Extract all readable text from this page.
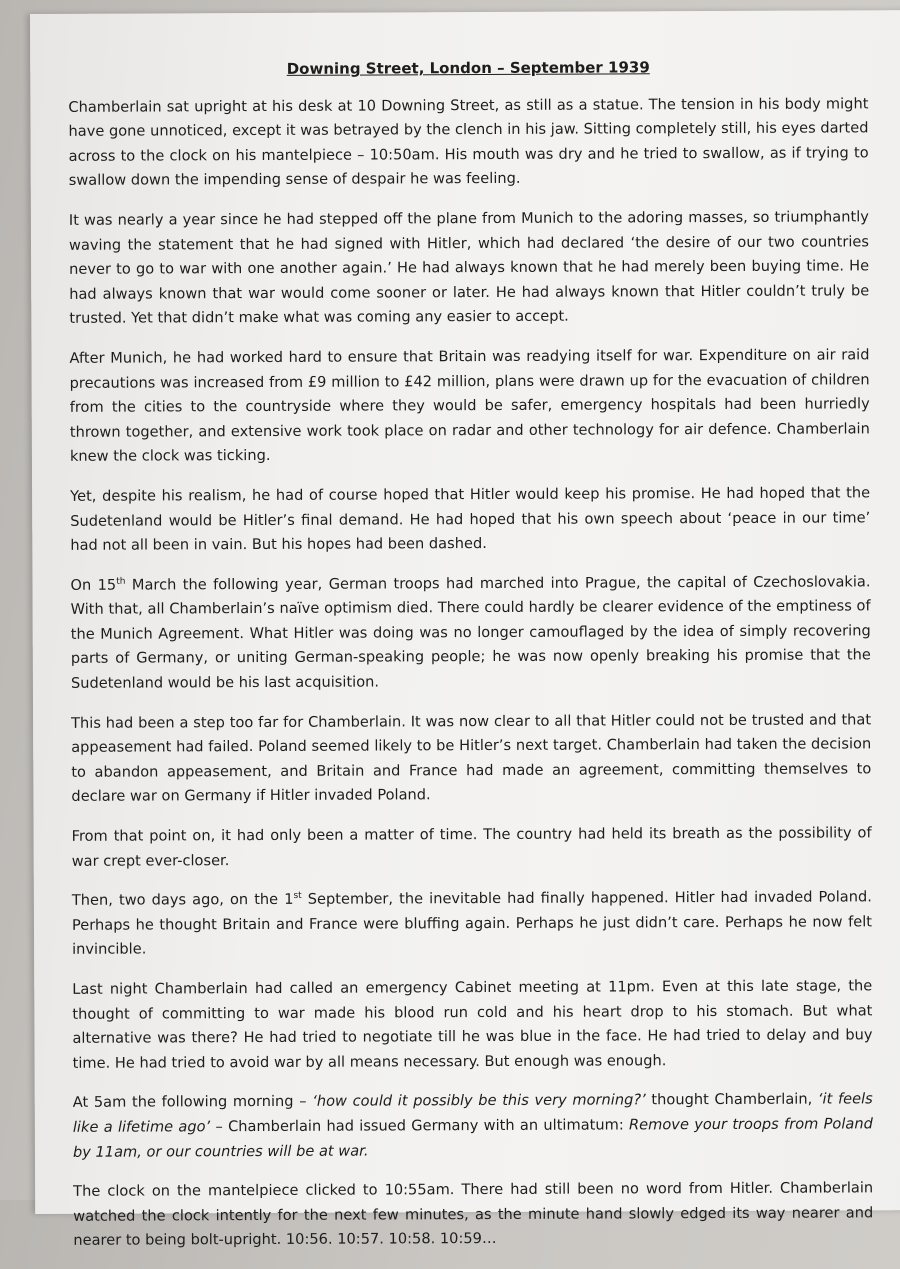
Downing Street, London – September 1939

Chamberlain sat upright at his desk at 10 Downing Street, as still as a statue. The tension in his body might have gone unnoticed, except it was betrayed by the clench in his jaw. Sitting completely still, his eyes darted across to the clock on his mantelpiece – 10:50am. His mouth was dry and he tried to swallow, as if trying to swallow down the impending sense of despair he was feeling.

It was nearly a year since he had stepped off the plane from Munich to the adoring masses, so triumphantly waving the statement that he had signed with Hitler, which had declared ‘the desire of our two countries never to go to war with one another again.’ He had always known that he had merely been buying time. He had always known that war would come sooner or later. He had always known that Hitler couldn’t truly be trusted. Yet that didn’t make what was coming any easier to accept.

After Munich, he had worked hard to ensure that Britain was readying itself for war. Expenditure on air raid precautions was increased from £9 million to £42 million, plans were drawn up for the evacuation of children from the cities to the countryside where they would be safer, emergency hospitals had been hurriedly thrown together, and extensive work took place on radar and other technology for air defence. Chamberlain knew the clock was ticking.

Yet, despite his realism, he had of course hoped that Hitler would keep his promise. He had hoped that the Sudetenland would be Hitler’s final demand. He had hoped that his own speech about ‘peace in our time’ had not all been in vain. But his hopes had been dashed.

On 15th March the following year, German troops had marched into Prague, the capital of Czechoslovakia. With that, all Chamberlain’s naïve optimism died. There could hardly be clearer evidence of the emptiness of the Munich Agreement. What Hitler was doing was no longer camouflaged by the idea of simply recovering parts of Germany, or uniting German-speaking people; he was now openly breaking his promise that the Sudetenland would be his last acquisition.

This had been a step too far for Chamberlain. It was now clear to all that Hitler could not be trusted and that appeasement had failed. Poland seemed likely to be Hitler’s next target. Chamberlain had taken the decision to abandon appeasement, and Britain and France had made an agreement, committing themselves to declare war on Germany if Hitler invaded Poland.

From that point on, it had only been a matter of time. The country had held its breath as the possibility of war crept ever-closer.

Then, two days ago, on the 1st September, the inevitable had finally happened. Hitler had invaded Poland. Perhaps he thought Britain and France were bluffing again. Perhaps he just didn’t care. Perhaps he now felt invincible.

Last night Chamberlain had called an emergency Cabinet meeting at 11pm. Even at this late stage, the thought of committing to war made his blood run cold and his heart drop to his stomach. But what alternative was there? He had tried to negotiate till he was blue in the face. He had tried to delay and buy time. He had tried to avoid war by all means necessary. But enough was enough.

At 5am the following morning – ‘how could it possibly be this very morning?’ thought Chamberlain, ‘it feels like a lifetime ago’ – Chamberlain had issued Germany with an ultimatum: Remove your troops from Poland by 11am, or our countries will be at war.

The clock on the mantelpiece clicked to 10:55am. There had still been no word from Hitler. Chamberlain watched the clock intently for the next few minutes, as the minute hand slowly edged its way nearer and nearer to being bolt-upright. 10:56. 10:57. 10:58. 10:59…
